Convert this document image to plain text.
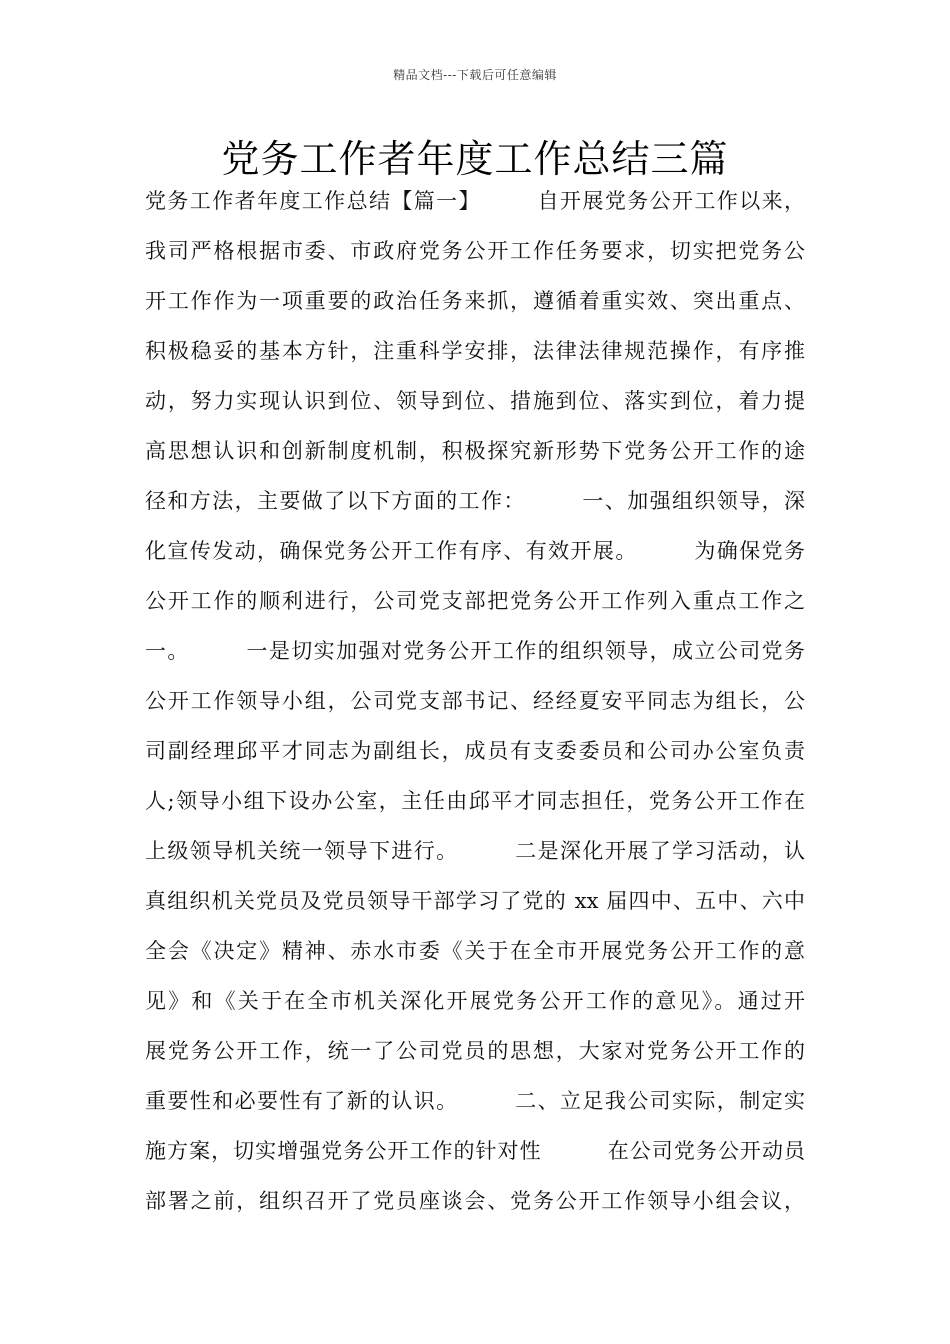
精品文档---下载后可任意编辑
党务工作者年度工作总结三篇
党务工作者年度工作总结【篇一】　　　自开展党务公开工作以来，
我司严格根据市委、市政府党务公开工作任务要求，切实把党务公
开工作作为一项重要的政治任务来抓，遵循着重实效、突出重点、
积极稳妥的基本方针，注重科学安排，法律法律规范操作，有序推
动，努力实现认识到位、领导到位、措施到位、落实到位，着力提
高思想认识和创新制度机制，积极探究新形势下党务公开工作的途
径和方法，主要做了以下方面的工作：　　　一、加强组织领导，深
化宣传发动，确保党务公开工作有序、有效开展。　　　为确保党务
公开工作的顺利进行，公司党支部把党务公开工作列入重点工作之
一。　　　一是切实加强对党务公开工作的组织领导，成立公司党务
公开工作领导小组，公司党支部书记、经经夏安平同志为组长，公
司副经理邱平才同志为副组长，成员有支委委员和公司办公室负责
人;领导小组下设办公室，主任由邱平才同志担任，党务公开工作在
上级领导机关统一领导下进行。　　　二是深化开展了学习活动，认
真组织机关党员及党员领导干部学习了党的 xx 届四中、五中、六中
全会《决定》精神、赤水市委《关于在全市开展党务公开工作的意
见》和《关于在全市机关深化开展党务公开工作的意见》。通过开
展党务公开工作，统一了公司党员的思想，大家对党务公开工作的
重要性和必要性有了新的认识。　　　二、立足我公司实际，制定实
施方案，切实增强党务公开工作的针对性　　　在公司党务公开动员
部署之前，组织召开了党员座谈会、党务公开工作领导小组会议，
